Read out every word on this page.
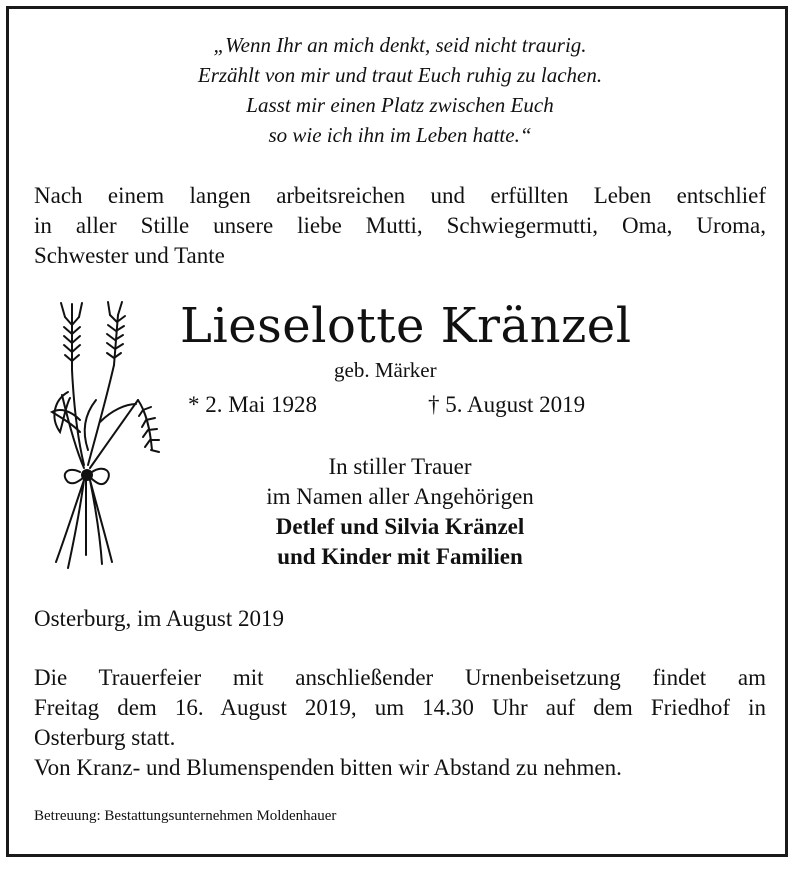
„Wenn Ihr an mich denkt, seid nicht traurig.
Erzählt von mir und traut Euch ruhig zu lachen.
Lasst mir einen Platz zwischen Euch
so wie ich ihn im Leben hatte.“
Nach einem langen arbeitsreichen und erfüllten Leben entschlief
in aller Stille unsere liebe Mutti, Schwiegermutti, Oma, Uroma,
Schwester und Tante
Lieselotte Kränzel
geb. Märker
* 2. Mai 1928	† 5. August 2019
In stiller Trauer
im Namen aller Angehörigen
Detlef und Silvia Kränzel
und Kinder mit Familien
Osterburg, im August 2019
Die Trauerfeier mit anschließender Urnenbeisetzung findet am
Freitag dem 16. August 2019, um 14.30 Uhr auf dem Friedhof in
Osterburg statt.
Von Kranz- und Blumenspenden bitten wir Abstand zu nehmen.
Betreuung: Bestattungsunternehmen Moldenhauer
